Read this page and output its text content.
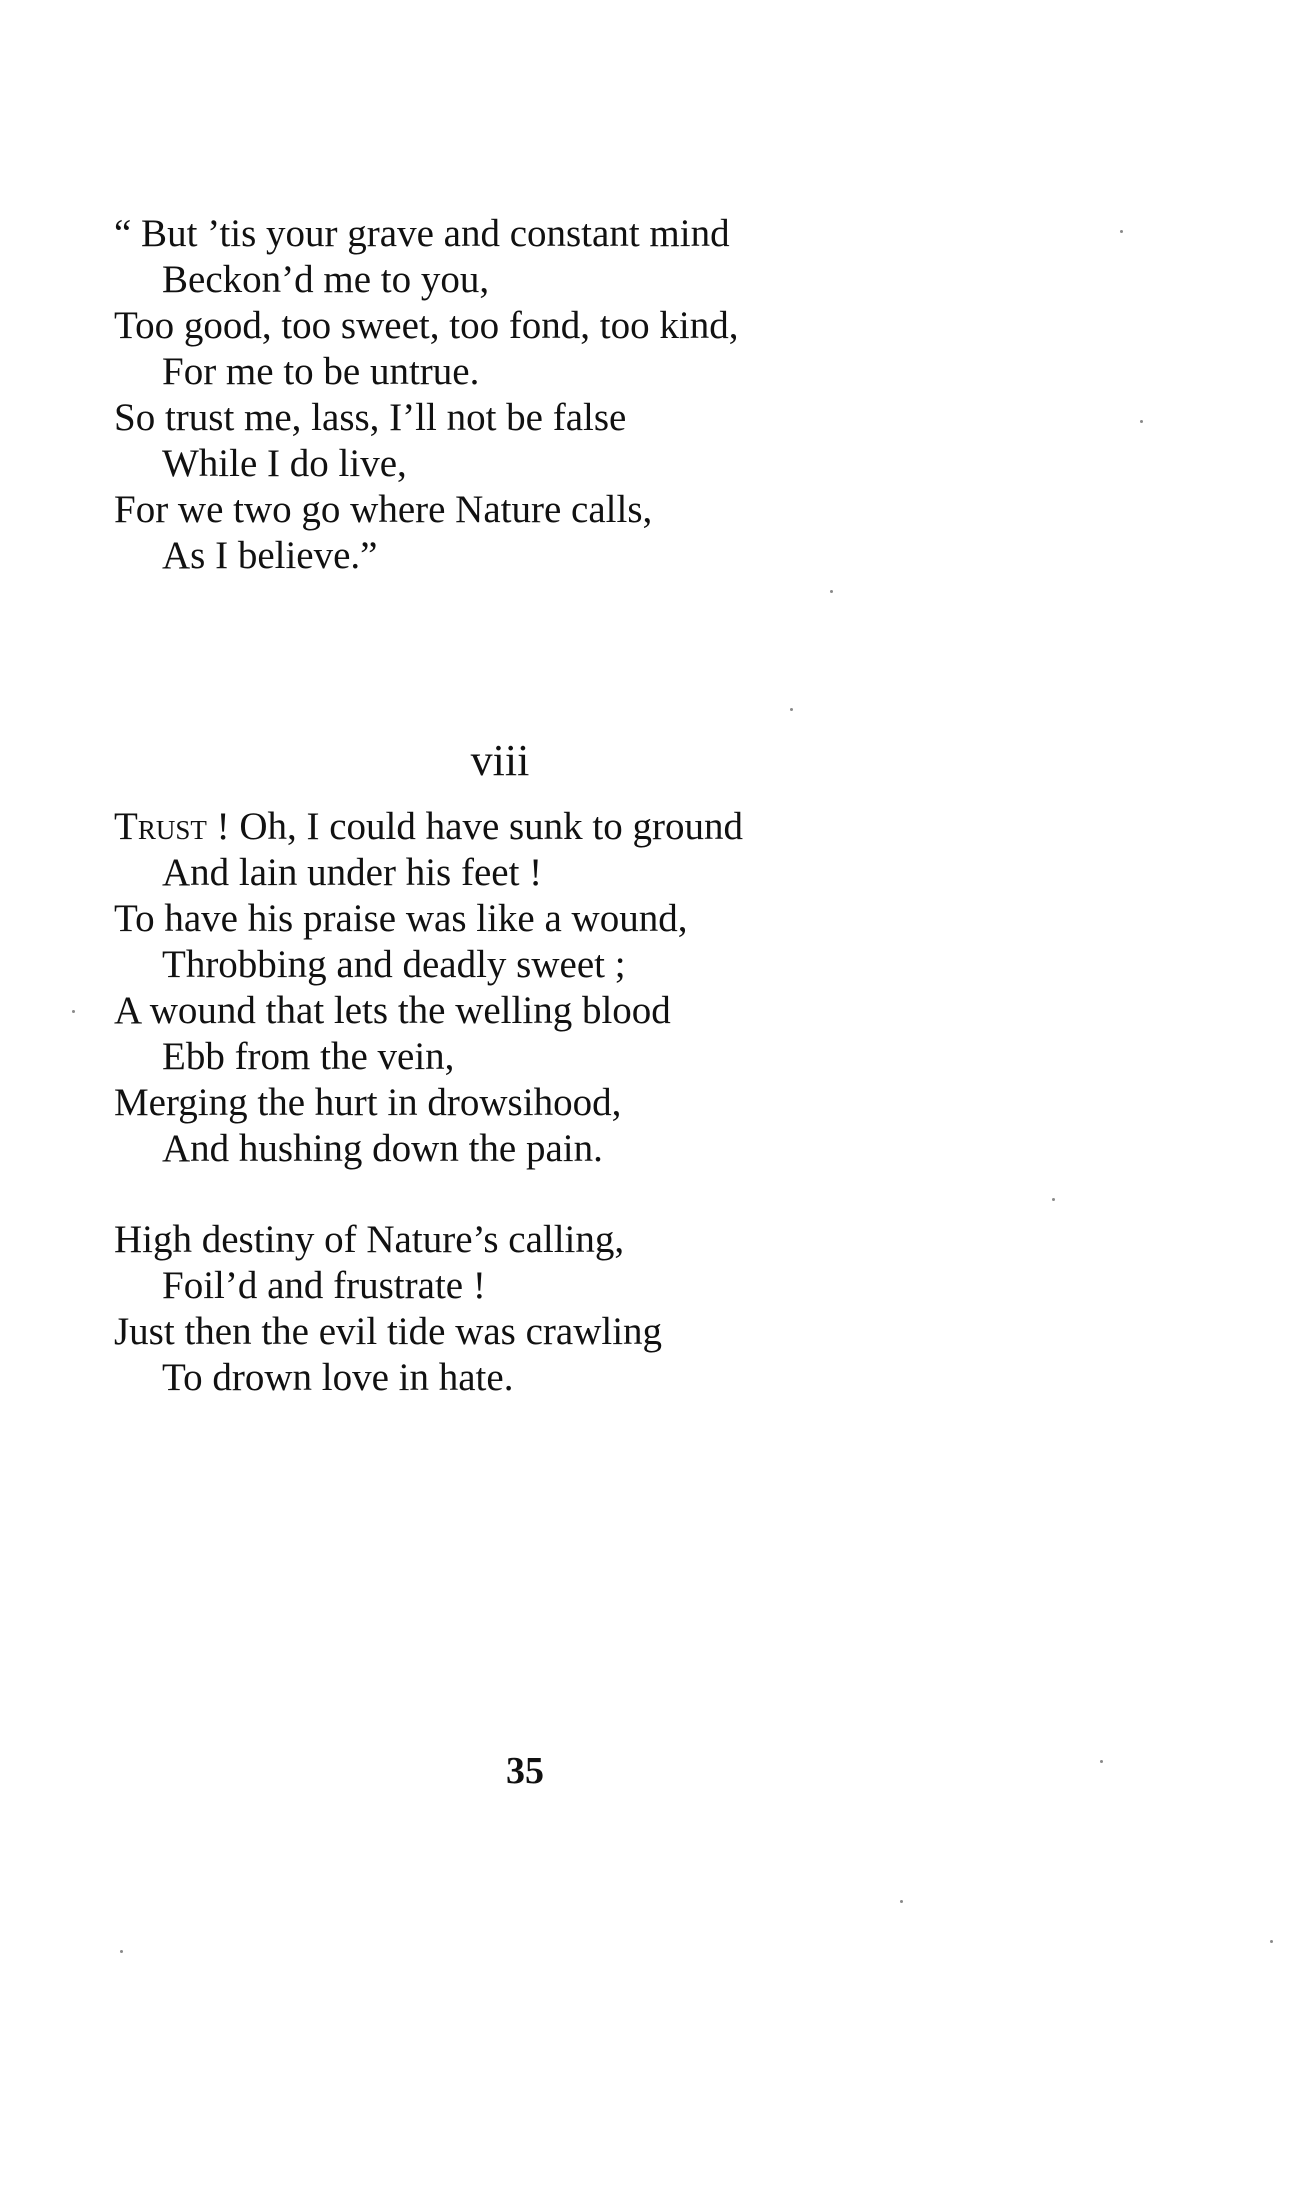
“ But ’tis your grave and constant mind
Beckon’d me to you,
Too good, too sweet, too fond, too kind,
For me to be untrue.
So trust me, lass, I’ll not be false
While I do live,
For we two go where Nature calls,
As I believe.”
viii
Trust ! Oh, I could have sunk to ground
And lain under his feet !
To have his praise was like a wound,
Throbbing and deadly sweet ;
A wound that lets the welling blood
Ebb from the vein,
Merging the hurt in drowsihood,
And hushing down the pain.
High destiny of Nature’s calling,
Foil’d and frustrate !
Just then the evil tide was crawling
To drown love in hate.
35
